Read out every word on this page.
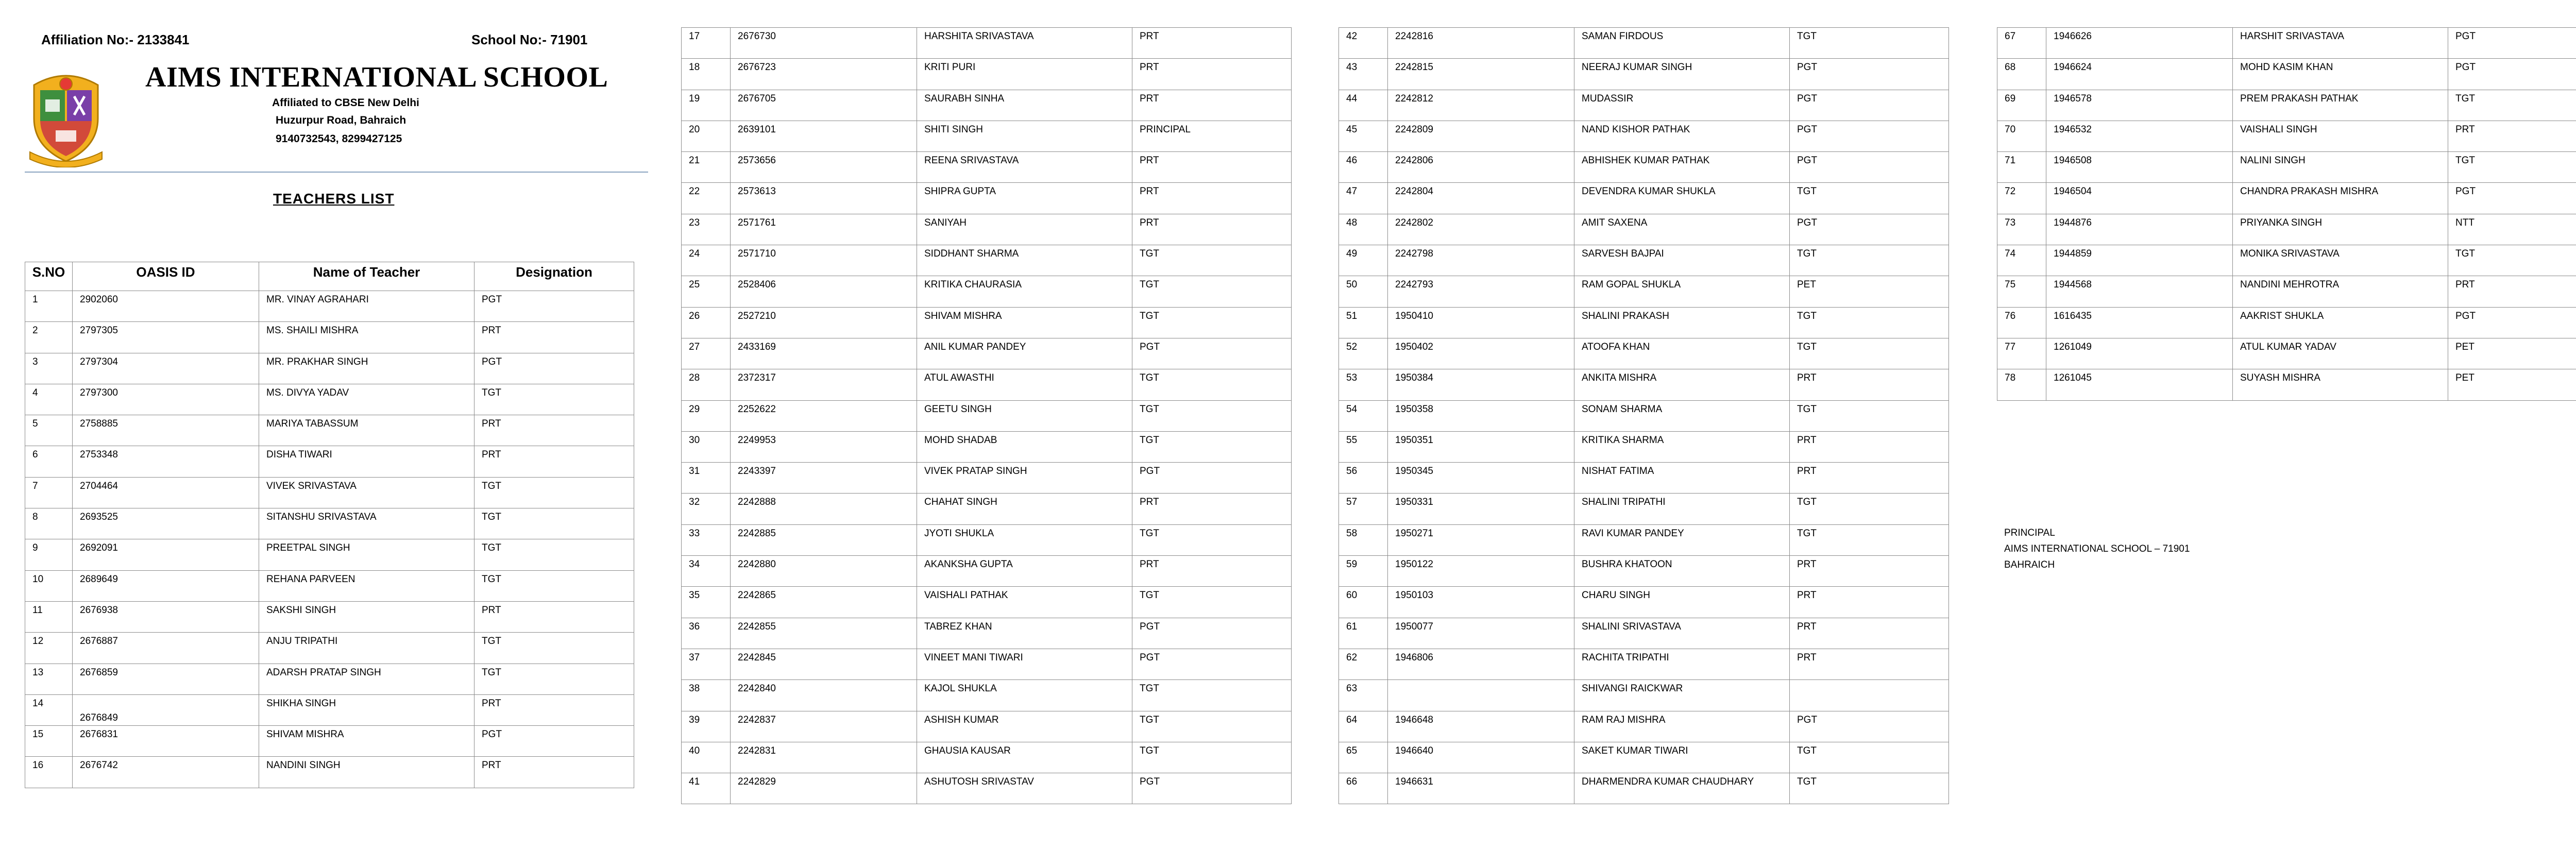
Affiliation No:- 2133841	School No:- 71901
AIMS INTERNATIONAL SCHOOL
Affiliated to CBSE New Delhi
Huzurpur Road, Bahraich
9140732543, 8299427125
TEACHERS LIST
S.NO	OASIS ID	Name of Teacher	Designation
1	2902060	MR. VINAY AGRAHARI	PGT
2	2797305	MS. SHAILI MISHRA	PRT
3	2797304	MR. PRAKHAR SINGH	PGT
4	2797300	MS. DIVYA YADAV	TGT
5	2758885	MARIYA TABASSUM	PRT
6	2753348	DISHA TIWARI	PRT
7	2704464	VIVEK SRIVASTAVA	TGT
8	2693525	SITANSHU SRIVASTAVA	TGT
9	2692091	PREETPAL SINGH	TGT
10	2689649	REHANA PARVEEN	TGT
11	2676938	SAKSHI SINGH	PRT
12	2676887	ANJU TRIPATHI	TGT
13	2676859	ADARSH PRATAP SINGH	TGT
14	2676849	SHIKHA SINGH	PRT
15	2676831	SHIVAM MISHRA	PGT
16	2676742	NANDINI SINGH	PRT
17	2676730	HARSHITA SRIVASTAVA	PRT
18	2676723	KRITI PURI	PRT
19	2676705	SAURABH SINHA	PRT
20	2639101	SHITI SINGH	PRINCIPAL
21	2573656	REENA SRIVASTAVA	PRT
22	2573613	SHIPRA GUPTA	PRT
23	2571761	SANIYAH	PRT
24	2571710	SIDDHANT SHARMA	TGT
25	2528406	KRITIKA CHAURASIA	TGT
26	2527210	SHIVAM MISHRA	TGT
27	2433169	ANIL KUMAR PANDEY	PGT
28	2372317	ATUL AWASTHI	TGT
29	2252622	GEETU SINGH	TGT
30	2249953	MOHD SHADAB	TGT
31	2243397	VIVEK PRATAP SINGH	PGT
32	2242888	CHAHAT SINGH	PRT
33	2242885	JYOTI SHUKLA	TGT
34	2242880	AKANKSHA GUPTA	PRT
35	2242865	VAISHALI PATHAK	TGT
36	2242855	TABREZ KHAN	PGT
37	2242845	VINEET MANI TIWARI	PGT
38	2242840	KAJOL SHUKLA	TGT
39	2242837	ASHISH KUMAR	TGT
40	2242831	GHAUSIA KAUSAR	TGT
41	2242829	ASHUTOSH SRIVASTAV	PGT
42	2242816	SAMAN FIRDOUS	TGT
43	2242815	NEERAJ KUMAR SINGH	PGT
44	2242812	MUDASSIR	PGT
45	2242809	NAND KISHOR PATHAK	PGT
46	2242806	ABHISHEK KUMAR PATHAK	PGT
47	2242804	DEVENDRA KUMAR SHUKLA	TGT
48	2242802	AMIT SAXENA	PGT
49	2242798	SARVESH BAJPAI	TGT
50	2242793	RAM GOPAL SHUKLA	PET
51	1950410	SHALINI PRAKASH	TGT
52	1950402	ATOOFA KHAN	TGT
53	1950384	ANKITA MISHRA	PRT
54	1950358	SONAM SHARMA	TGT
55	1950351	KRITIKA SHARMA	PRT
56	1950345	NISHAT FATIMA	PRT
57	1950331	SHALINI TRIPATHI	TGT
58	1950271	RAVI KUMAR PANDEY	TGT
59	1950122	BUSHRA KHATOON	PRT
60	1950103	CHARU SINGH	PRT
61	1950077	SHALINI SRIVASTAVA	PRT
62	1946806	RACHITA TRIPATHI	PRT
63		SHIVANGI RAICKWAR	
64	1946648	RAM RAJ MISHRA	PGT
65	1946640	SAKET KUMAR TIWARI	TGT
66	1946631	DHARMENDRA KUMAR CHAUDHARY	TGT
67	1946626	HARSHIT SRIVASTAVA	PGT
68	1946624	MOHD KASIM KHAN	PGT
69	1946578	PREM PRAKASH PATHAK	TGT
70	1946532	VAISHALI SINGH	PRT
71	1946508	NALINI SINGH	TGT
72	1946504	CHANDRA PRAKASH MISHRA	PGT
73	1944876	PRIYANKA SINGH	NTT
74	1944859	MONIKA SRIVASTAVA	TGT
75	1944568	NANDINI MEHROTRA	PRT
76	1616435	AAKRIST SHUKLA	PGT
77	1261049	ATUL KUMAR YADAV	PET
78	1261045	SUYASH MISHRA	PET
PRINCIPAL
AIMS INTERNATIONAL SCHOOL – 71901
BAHRAICH
